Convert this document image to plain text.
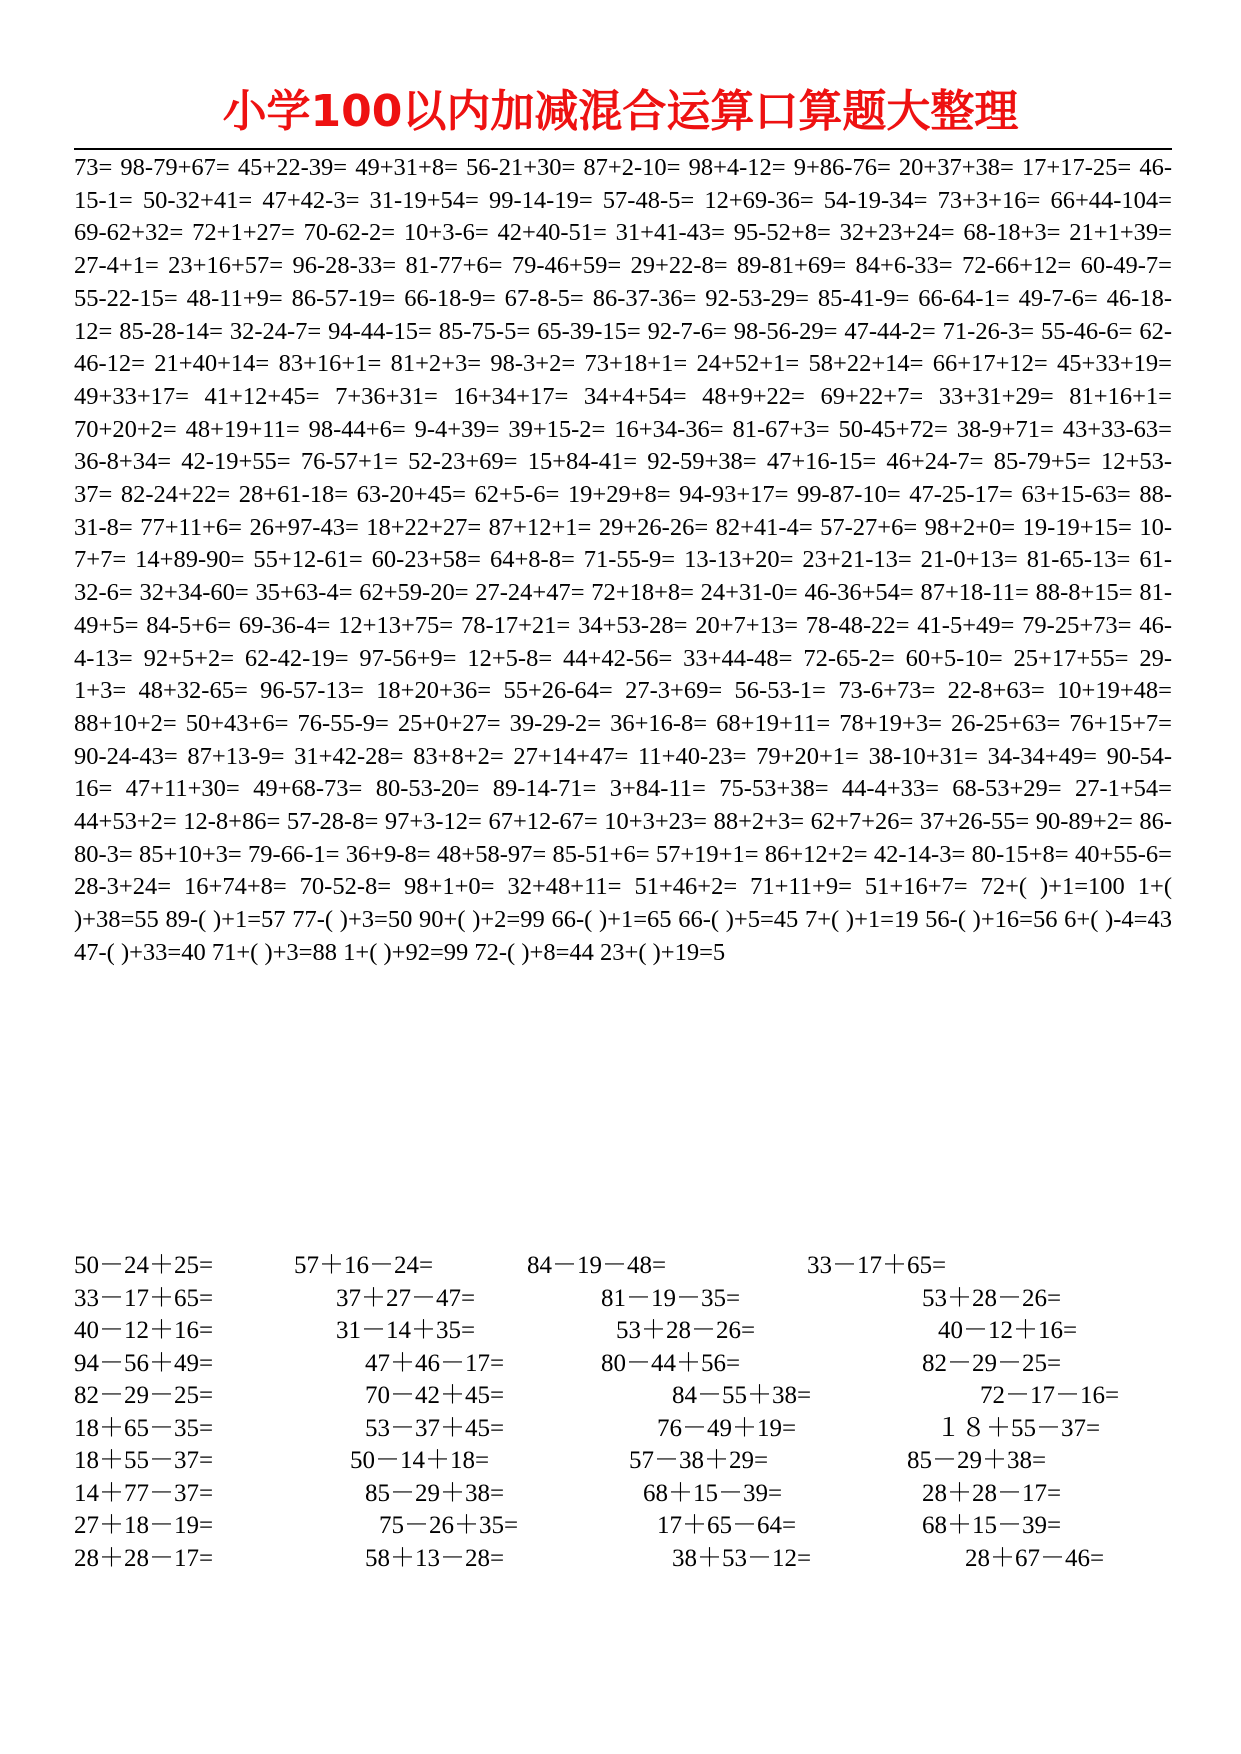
小学100以内加减混合运算口算题大整理

73= 98-79+67= 45+22-39= 49+31+8= 56-21+30= 87+2-10= 98+4-12= 9+86-76= 20+37+38= 17+17-25= 46-15-1= 50-32+41= 47+42-3= 31-19+54= 99-14-19= 57-48-5= 12+69-36= 54-19-34= 73+3+16= 66+44-104= 69-62+32= 72+1+27= 70-62-2= 10+3-6= 42+40-51= 31+41-43= 95-52+8= 32+23+24= 68-18+3= 21+1+39= 27-4+1= 23+16+57= 96-28-33= 81-77+6= 79-46+59= 29+22-8= 89-81+69= 84+6-33= 72-66+12= 60-49-7= 55-22-15= 48-11+9= 86-57-19= 66-18-9= 67-8-5= 86-37-36= 92-53-29= 85-41-9= 66-64-1= 49-7-6= 46-18-12= 85-28-14= 32-24-7= 94-44-15= 85-75-5= 65-39-15= 92-7-6= 98-56-29= 47-44-2= 71-26-3= 55-46-6= 62-46-12= 21+40+14= 83+16+1= 81+2+3= 98-3+2= 73+18+1= 24+52+1= 58+22+14= 66+17+12= 45+33+19= 49+33+17= 41+12+45= 7+36+31= 16+34+17= 34+4+54= 48+9+22= 69+22+7= 33+31+29= 81+16+1= 70+20+2= 48+19+11= 98-44+6= 9-4+39= 39+15-2= 16+34-36= 81-67+3= 50-45+72= 38-9+71= 43+33-63= 36-8+34= 42-19+55= 76-57+1= 52-23+69= 15+84-41= 92-59+38= 47+16-15= 46+24-7= 85-79+5= 12+53-37= 82-24+22= 28+61-18= 63-20+45= 62+5-6= 19+29+8= 94-93+17= 99-87-10= 47-25-17= 63+15-63= 88-31-8= 77+11+6= 26+97-43= 18+22+27= 87+12+1= 29+26-26= 82+41-4= 57-27+6= 98+2+0= 19-19+15= 10-7+7= 14+89-90= 55+12-61= 60-23+58= 64+8-8= 71-55-9= 13-13+20= 23+21-13= 21-0+13= 81-65-13= 61-32-6= 32+34-60= 35+63-4= 62+59-20= 27-24+47= 72+18+8= 24+31-0= 46-36+54= 87+18-11= 88-8+15= 81-49+5= 84-5+6= 69-36-4= 12+13+75= 78-17+21= 34+53-28= 20+7+13= 78-48-22= 41-5+49= 79-25+73= 46-4-13= 92+5+2= 62-42-19= 97-56+9= 12+5-8= 44+42-56= 33+44-48= 72-65-2= 60+5-10= 25+17+55= 29-1+3= 48+32-65= 96-57-13= 18+20+36= 55+26-64= 27-3+69= 56-53-1= 73-6+73= 22-8+63= 10+19+48= 88+10+2= 50+43+6= 76-55-9= 25+0+27= 39-29-2= 36+16-8= 68+19+11= 78+19+3= 26-25+63= 76+15+7= 90-24-43= 87+13-9= 31+42-28= 83+8+2= 27+14+47= 11+40-23= 79+20+1= 38-10+31= 34-34+49= 90-54-16= 47+11+30= 49+68-73= 80-53-20= 89-14-71= 3+84-11= 75-53+38= 44-4+33= 68-53+29= 27-1+54= 44+53+2= 12-8+86= 57-28-8= 97+3-12= 67+12-67= 10+3+23= 88+2+3= 62+7+26= 37+26-55= 90-89+2= 86-80-3= 85+10+3= 79-66-1= 36+9-8= 48+58-97= 85-51+6= 57+19+1= 86+12+2= 42-14-3= 80-15+8= 40+55-6= 28-3+24= 16+74+8= 70-52-8= 98+1+0= 32+48+11= 51+46+2= 71+11+9= 51+16+7= 72+( )+1=100 1+( )+38=55 89-( )+1=57 77-( )+3=50 90+( )+2=99 66-( )+1=65 66-( )+5=45 7+( )+1=19 56-( )+16=56 6+( )-4=43 47-( )+33=40 71+( )+3=88 1+( )+92=99 72-( )+8=44 23+( )+19=5

50－24＋25=	57＋16－24=	84－19－48=	33－17＋65=
33－17＋65=	37＋27－47=	81－19－35=	53＋28－26=
40－12＋16=	31－14＋35=	53＋28－26=	40－12＋16=
94－56＋49=	47＋46－17=	80－44＋56=	82－29－25=
82－29－25=	70－42＋45=	84－55＋38=	72－17－16=
18＋65－35=	53－37＋45=	76－49＋19=	１８＋55－37=
18＋55－37=	50－14＋18=	57－38＋29=	85－29＋38=
14＋77－37=	85－29＋38=	68＋15－39=	28＋28－17=
27＋18－19=	75－26＋35=	17＋65－64=	68＋15－39=
28＋28－17=	58＋13－28=	38＋53－12=	28＋67－46=
